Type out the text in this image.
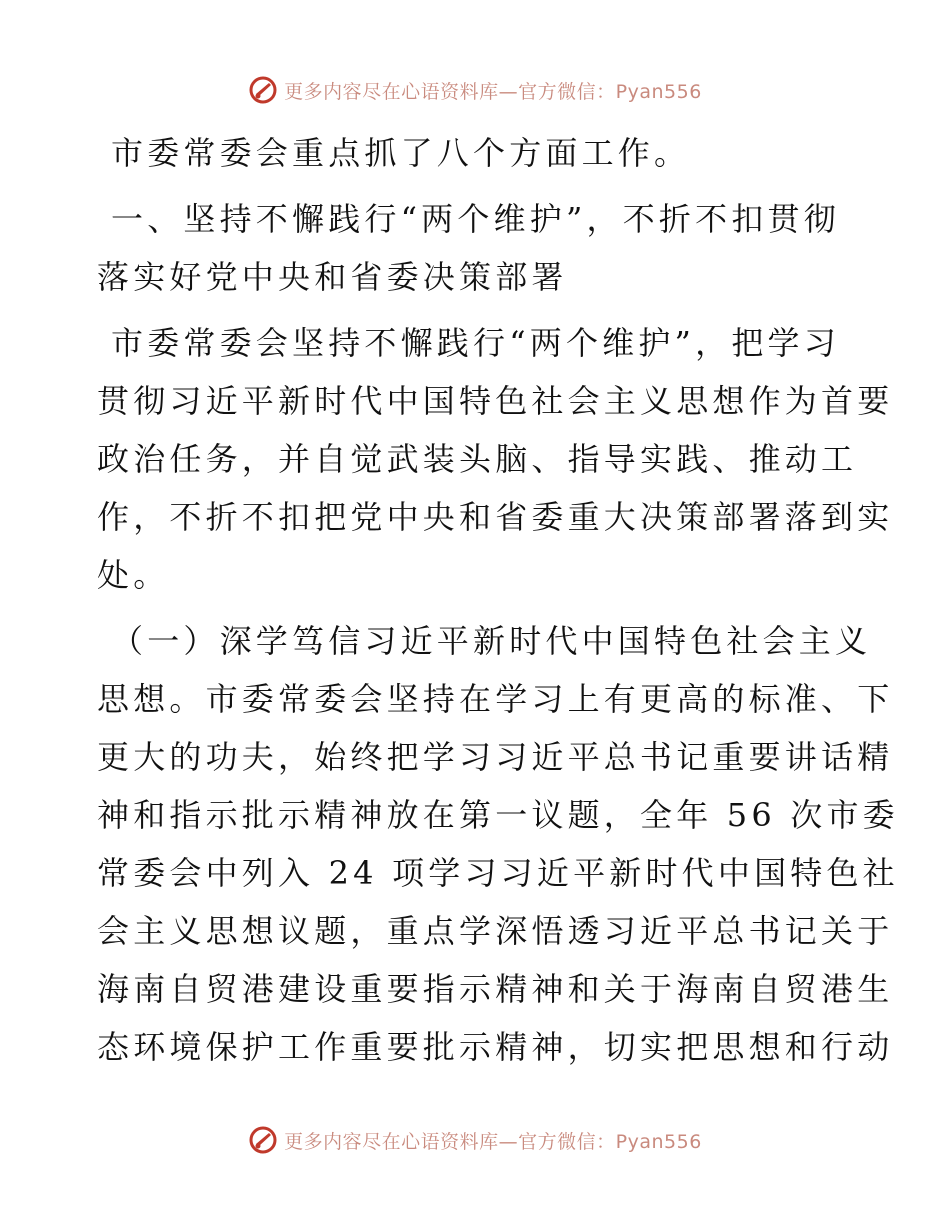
更多内容尽在心语资料库—官方微信：Pyan556

市委常委会重点抓了八个方面工作。

一、坚持不懈践行“两个维护”，不折不扣贯彻

落实好党中央和省委决策部署

市委常委会坚持不懈践行“两个维护”，把学习

贯彻习近平新时代中国特色社会主义思想作为首要

政治任务，并自觉武装头脑、指导实践、推动工

作，不折不扣把党中央和省委重大决策部署落到实

处。

（一）深学笃信习近平新时代中国特色社会主义

思想。市委常委会坚持在学习上有更高的标准、下

更大的功夫，始终把学习习近平总书记重要讲话精

神和指示批示精神放在第一议题，全年 56 次市委

常委会中列入 24 项学习习近平新时代中国特色社

会主义思想议题，重点学深悟透习近平总书记关于

海南自贸港建设重要指示精神和关于海南自贸港生

态环境保护工作重要批示精神，切实把思想和行动

更多内容尽在心语资料库—官方微信：Pyan556
